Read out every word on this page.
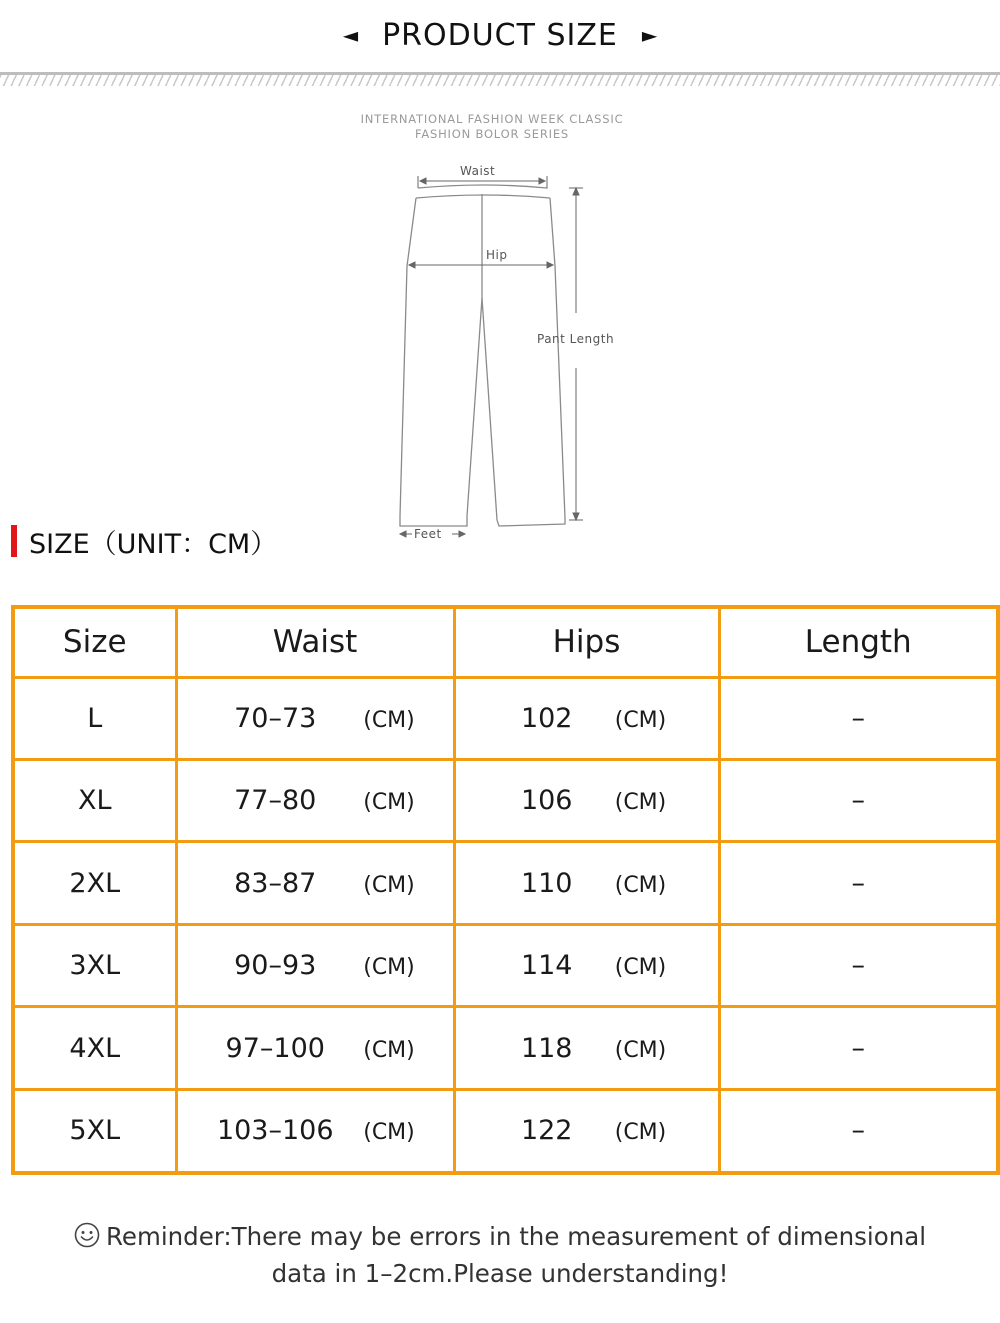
◄ PRODUCT SIZE ►
INTERNATIONAL FASHION WEEK CLASSIC
FASHION BOLOR SERIES
Waist
Hip
Pant Length
Feet
SIZE（UNIT：CM）
Size	Waist	Hips	Length
L	70–73 (CM)	102 (CM)	–
XL	77–80 (CM)	106 (CM)	–
2XL	83–87 (CM)	110 (CM)	–
3XL	90–93 (CM)	114 (CM)	–
4XL	97–100 (CM)	118 (CM)	–
5XL	103–106 (CM)	122 (CM)	–
Reminder:There may be errors in the measurement of dimensional
data in 1–2cm.Please understanding!
